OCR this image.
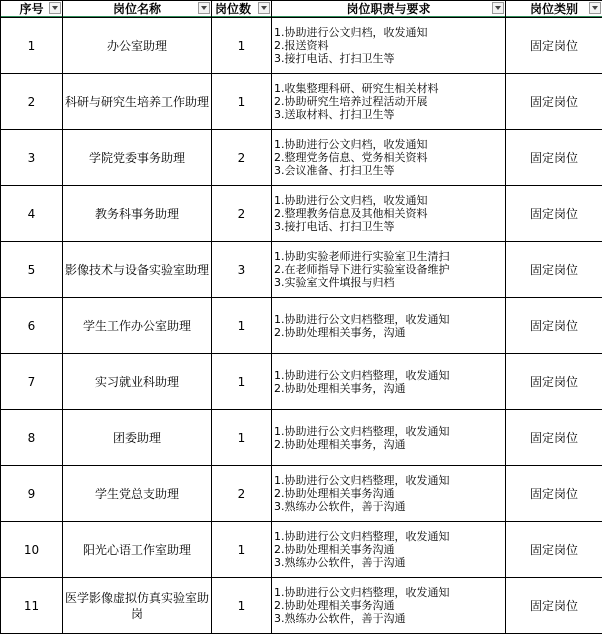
序号	岗位名称	岗位数	岗位职责与要求	岗位类别

1	办公室助理	1	1.协助进行公文归档，收发通知
2.报送资料
3.接打电话、打扫卫生等	固定岗位
2	科研与研究生培养工作助理	1	1.收集整理科研、研究生相关材料
2.协助研究生培养过程活动开展
3.送取材料、打扫卫生等	固定岗位
3	学院党委事务助理	2	1.协助进行公文归档，收发通知
2.整理党务信息、党务相关资料
3.会议准备、打扫卫生等	固定岗位
4	教务科事务助理	2	1.协助进行公文归档，收发通知
2.整理教务信息及其他相关资料
3.接打电话、打扫卫生等	固定岗位
5	影像技术与设备实验室助理	3	1.协助实验老师进行实验室卫生清扫
2.在老师指导下进行实验室设备维护
3.实验室文件填报与归档	固定岗位
6	学生工作办公室助理	1	1.协助进行公文归档整理，收发通知
2.协助处理相关事务，沟通	固定岗位
7	实习就业科助理	1	1.协助进行公文归档整理，收发通知
2.协助处理相关事务，沟通	固定岗位
8	团委助理	1	1.协助进行公文归档整理，收发通知
2.协助处理相关事务，沟通	固定岗位
9	学生党总支助理	2	1.协助进行公文归档整理，收发通知
2.协助处理相关事务沟通
3.熟练办公软件，善于沟通	固定岗位
10	阳光心语工作室助理	1	1.协助进行公文归档整理，收发通知
2.协助处理相关事务沟通
3.熟练办公软件，善于沟通	固定岗位
11	医学影像虚拟仿真实验室助岗	1	1.协助进行公文归档整理，收发通知
2.协助处理相关事务沟通
3.熟练办公软件，善于沟通	固定岗位
